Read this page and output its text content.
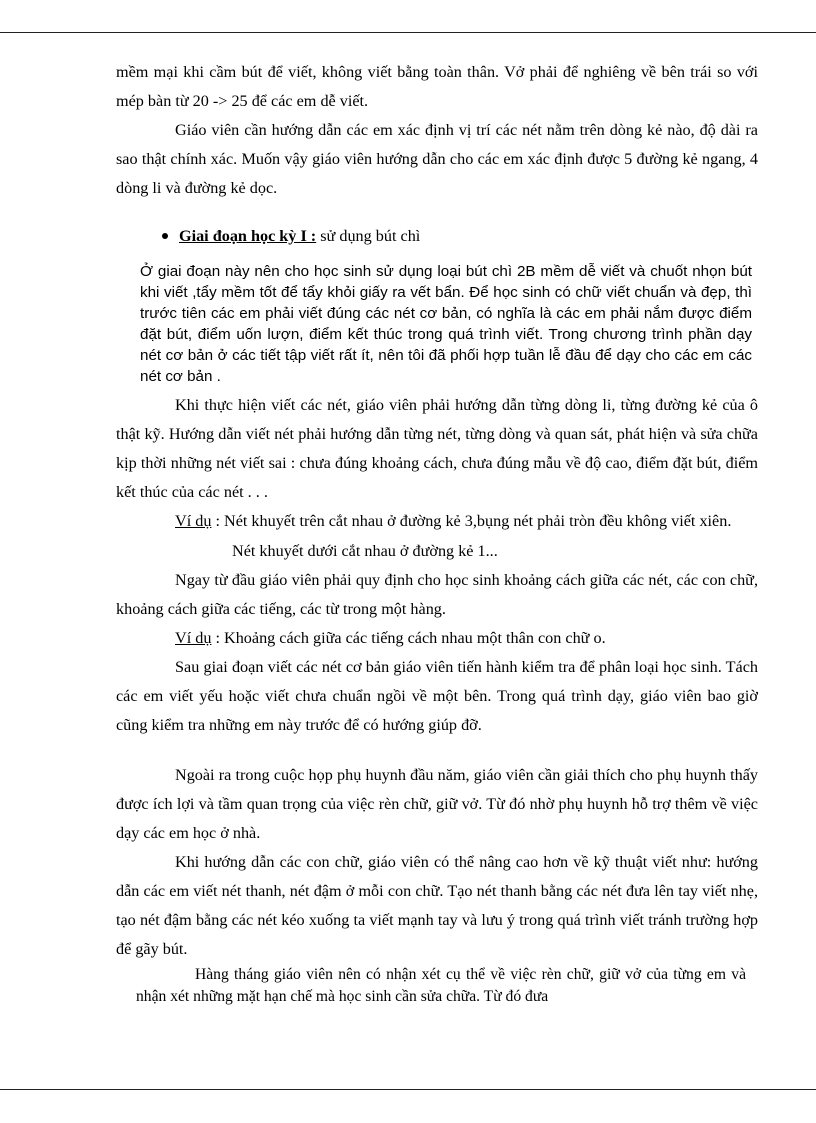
mềm mại khi cầm bút để viết, không viết bằng toàn thân. Vở phải để nghiêng về bên trái so với mép bàn từ 20 -> 25 để các em dễ viết.

Giáo viên cần hướng dẫn các em xác định vị trí các nét nằm trên dòng kẻ nào, độ dài ra sao thật chính xác. Muốn vậy giáo viên hướng dẫn cho các em xác định được 5 đường kẻ ngang, 4 dòng li và đường kẻ dọc.

Giai đoạn học kỳ I : sử dụng bút chì

Ở giai đoạn này nên cho học sinh sử dụng loại bút chì 2B mềm dễ viết và chuốt nhọn bút khi viết ,tẩy mềm tốt để tẩy khỏi giấy ra vết bẩn. Để học sinh có chữ viết chuẩn và đẹp, thì trước tiên các em phải viết đúng các nét cơ bản, có nghĩa là các em phải nắm được điểm đặt bút, điểm uốn lượn, điểm kết thúc trong quá trình viết. Trong chương trình phần dạy nét cơ bản ở các tiết tập viết rất ít, nên tôi đã phối hợp tuần lễ đầu để dạy cho các em các nét cơ bản .

Khi thực hiện viết các nét, giáo viên phải hướng dẫn từng dòng li, từng đường kẻ của ô thật kỹ. Hướng dẫn viết nét phải hướng dẫn từng nét, từng dòng và quan sát, phát hiện và sửa chữa kịp thời những nét viết sai : chưa đúng khoảng cách, chưa đúng mẫu về độ cao, điểm đặt bút, điểm kết thúc của các nét . . .

Ví dụ : Nét khuyết trên cắt nhau ở đường kẻ 3,bụng nét phải tròn đều không viết xiên.

Nét khuyết dưới cắt nhau ở đường kẻ 1...

Ngay từ đầu giáo viên phải quy định cho học sinh khoảng cách giữa các nét, các con chữ, khoảng cách giữa các tiếng, các từ trong một hàng.

Ví dụ : Khoảng cách giữa các tiếng cách nhau một thân con chữ o.

Sau giai đoạn viết các nét cơ bản giáo viên tiến hành kiểm tra để phân loại học sinh. Tách các em viết yếu hoặc viết chưa chuẩn ngồi về một bên. Trong quá trình dạy, giáo viên bao giờ cũng kiểm tra những em này trước để có hướng giúp đỡ.

Ngoài ra trong cuộc họp phụ huynh đầu năm, giáo viên cần giải thích cho phụ huynh thấy được ích lợi và tầm quan trọng của việc rèn chữ, giữ vở. Từ đó nhờ phụ huynh hỗ trợ thêm về việc dạy các em học ở nhà.

Khi hướng dẫn các con chữ, giáo viên có thể nâng cao hơn về kỹ thuật viết như: hướng dẫn các em viết nét thanh, nét đậm ở mỗi con chữ. Tạo nét thanh bằng các nét đưa lên tay viết nhẹ, tạo nét đậm bằng các nét kéo xuống ta viết mạnh tay và lưu ý trong quá trình viết tránh trường hợp để gãy bút.

Hàng tháng giáo viên nên có nhận xét cụ thể về việc rèn chữ, giữ vở của từng em và nhận xét những mặt hạn chế mà học sinh cần sửa chữa. Từ đó đưa
